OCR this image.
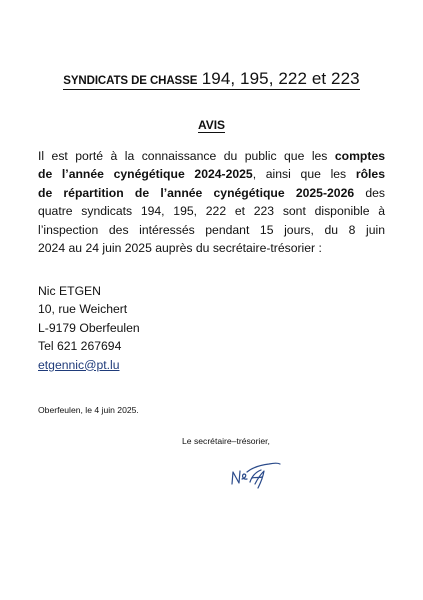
SYNDICATS DE CHASSE 194, 195, 222 et 223
AVIS
Il est porté à la connaissance du public que les comptes
de l’année cynégétique 2024-2025, ainsi que les rôles
de répartition de l’année cynégétique 2025-2026 des
quatre syndicats 194, 195, 222 et 223 sont disponible à
l’inspection des intéressés pendant 15 jours, du 8 juin
2024 au 24 juin 2025 auprès du secrétaire-trésorier :
Nic ETGEN
10, rue Weichert
L-9179 Oberfeulen
Tel 621 267694
etgennic@pt.lu
Oberfeulen, le 4 juin 2025.
Le secrétaire–trésorier,
